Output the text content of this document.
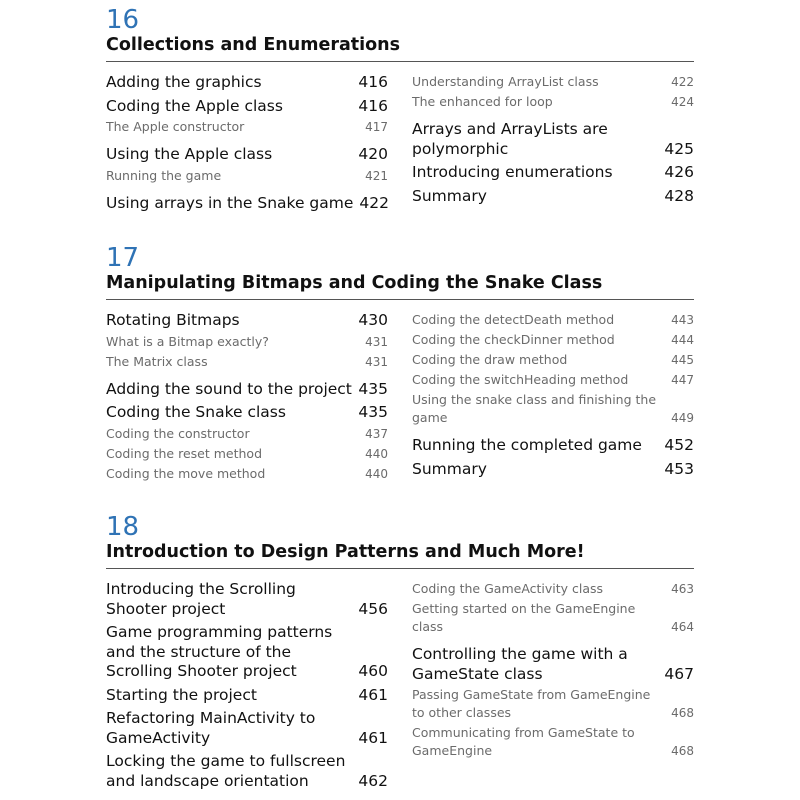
16
Collections and Enumerations
Adding the graphics	416
Coding the Apple class	416
The Apple constructor	417
Using the Apple class	420
Running the game	421
Using arrays in the Snake game 422
Understanding ArrayList class	422
The enhanced for loop	424
Arrays and ArrayLists are polymorphic	425
Introducing enumerations	426
Summary	428
17
Manipulating Bitmaps and Coding the Snake Class
Rotating Bitmaps	430
What is a Bitmap exactly?	431
The Matrix class	431
Adding the sound to the project 435
Coding the Snake class	435
Coding the constructor	437
Coding the reset method	440
Coding the move method	440
Coding the detectDeath method	443
Coding the checkDinner method	444
Coding the draw method	445
Coding the switchHeading method	447
Using the snake class and finishing the game	449
Running the completed game	452
Summary	453
18
Introduction to Design Patterns and Much More!
Introducing the Scrolling Shooter project	456
Game programming patterns and the structure of the Scrolling Shooter project	460
Starting the project	461
Refactoring MainActivity to GameActivity	461
Locking the game to fullscreen and landscape orientation	462
Coding the GameActivity class	463
Getting started on the GameEngine class	464
Controlling the game with a GameState class	467
Passing GameState from GameEngine to other classes	468
Communicating from GameState to GameEngine	468
